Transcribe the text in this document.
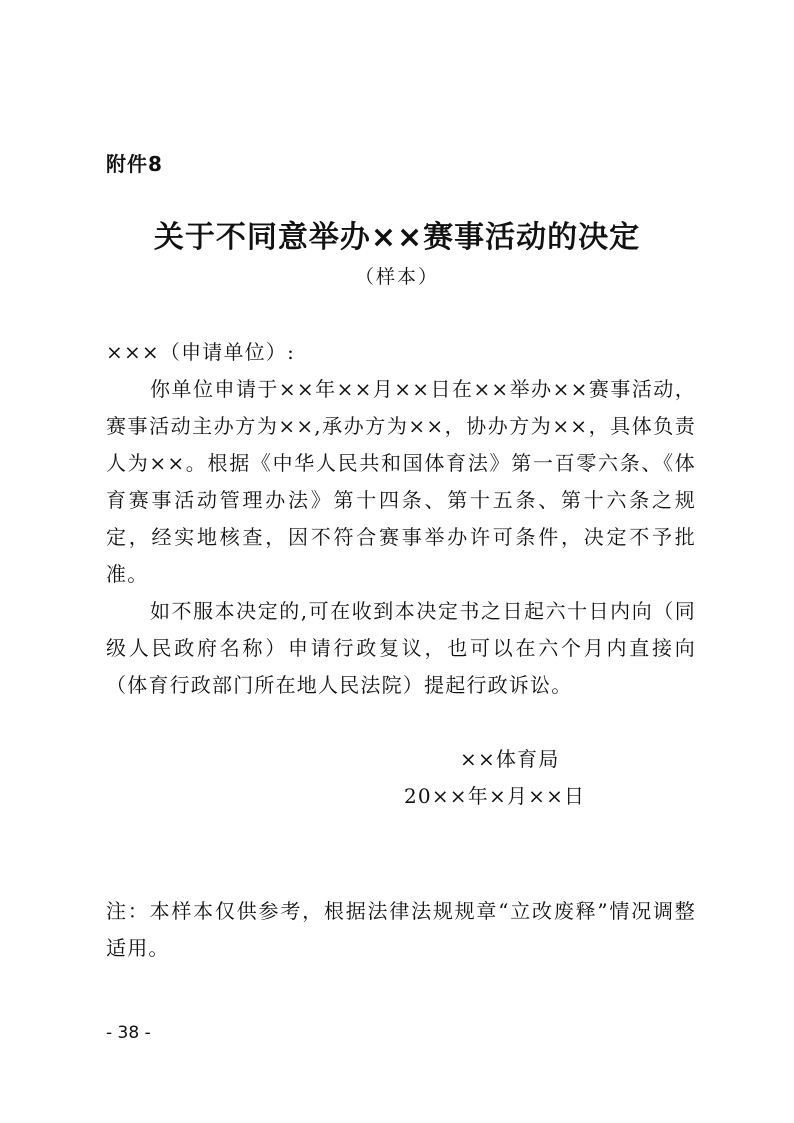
附件8
关于不同意举办××赛事活动的决定
（样本）

×××（申请单位）:

你单位申请于××年××月××日在××举办××赛事活动，赛事活动主办方为××,承办方为××，协办方为××，具体负责人为××。根据《中华人民共和国体育法》第一百零六条、《体育赛事活动管理办法》第十四条、第十五条、第十六条之规定，经实地核查，因不符合赛事举办许可条件，决定不予批准。

如不服本决定的,可在收到本决定书之日起六十日内向（同级人民政府名称）申请行政复议，也可以在六个月内直接向（体育行政部门所在地人民法院）提起行政诉讼。

××体育局
20××年×月××日
注：本样本仅供参考，根据法律法规规章“立改废释”情况调整适用。
- 38 -
